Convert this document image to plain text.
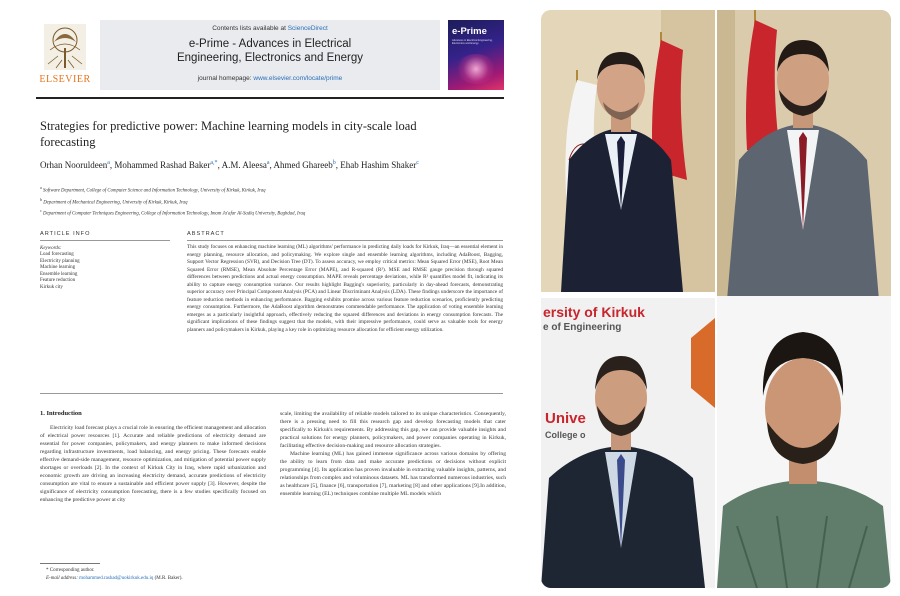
ELSEVIER
Contents lists available at ScienceDirect
e-Prime - Advances in Electrical
Engineering, Electronics and Energy
journal homepage: www.elsevier.com/locate/prime
e-Prime
Advances in Electrical Engineering, Electronics and Energy
Strategies for predictive power: Machine learning models in city-scale load forecasting
Orhan Nooruldeen$^a$, Mohammed Rashad Baker$^{a,*}$, A.M. Aleesa$^a$, Ahmed Ghareeb$^b$, Ehab Hashim Shaker$^c$
$^a$ Software Department, College of Computer Science and Information Technology, University of Kirkuk, Kirkuk, Iraq
$^b$ Department of Mechanical Engineering, University of Kirkuk, Kirkuk, Iraq
$^c$ Department of Computer Techniques Engineering, College of Information Technology, Imam Ja'afar Al-Sadiq University, Baghdad, Iraq
ARTICLE INFO	ABSTRACT
Keywords:
Load forecasting
Electricity planning
Machine learning
Ensemble learning
Feature reduction
Kirkuk city
This study focuses on enhancing machine learning (ML) algorithms' performance in predicting daily loads for Kirkuk, Iraq—an essential element in energy planning, resource allocation, and policymaking. We explore single and ensemble learning algorithms, including AdaBoost, Bagging, Support Vector Regression (SVR), and Decision Tree (DT). To assess accuracy, we employ critical metrics: Mean Squared Error (MSE), Root Mean Squared Error (RMSE), Mean Absolute Percentage Error (MAPE), and R-squared (R²). MSE and RMSE gauge precision through squared differences between predictions and actual energy consumption. MAPE reveals percentage deviations, while R² quantifies model fit, indicating its ability to capture energy consumption variance. Our results highlight Bagging's superiority, particularly in day-ahead forecasts, demonstrating superior accuracy over Principal Component Analysis (PCA) and Linear Discriminant Analysis (LDA). These findings underscore the importance of feature reduction methods in enhancing performance. Bagging exhibits promise across various feature reduction scenarios, proficiently predicting energy consumption. Furthermore, the AdaBoost algorithm demonstrates commendable performance. The application of voting ensemble learning emerges as a particularly insightful approach, effectively reducing the squared differences and deviations in energy consumption forecasts. The significant implications of these findings suggest that the models, with their impressive performance, could serve as valuable tools for energy planners and policymakers in Kirkuk, playing a key role in optimizing resource allocation for efficient energy utilization.
1. Introduction

Electricity load forecast plays a crucial role in ensuring the efficient management and allocation of electrical power resources [1]. Accurate and reliable predictions of electricity demand are essential for power companies, policymakers, and energy planners to make informed decisions regarding infrastructure investments, load balancing, and energy pricing. These forecasts enable effective demand-side management, resource optimization, and mitigation of potential power supply shortages or overloads [2]. In the context of Kirkuk City in Iraq, where rapid urbanization and economic growth are driving an increasing electricity demand, accurate predictions of electricity consumption are vital to ensure a sustainable and efficient power supply [3]. However, despite the significance of electricity consumption forecasting, there is a few studies specifically focused on enhancing the predictive power at city

scale, limiting the availability of reliable models tailored to its unique characteristics. Consequently, there is a pressing need to fill this research gap and develop forecasting models that cater specifically to Kirkuk's requirements. By addressing this gap, we can provide valuable insights and practical solutions for energy planners, policymakers, and power companies operating in Kirkuk, facilitating effective decision-making and resource allocation strategies.

Machine learning (ML) has gained immense significance across various domains by offering the ability to learn from data and make accurate predictions or decisions without explicit programming [4]. Its application has proven invaluable in extracting valuable insights, patterns, and relationships from complex and voluminous datasets. ML has transformed numerous industries, such as healthcare [5], finance [6], transportation [7], marketing [8] and other applications [9].In addition, ensemble learning (EL) techniques combine multiple ML models which

* Corresponding author.
E-mail address: mohammed.rashad@uokirkuk.edu.iq (M.R. Baker).
ersity of Kirkuk
e of Engineering
Unive
College o
